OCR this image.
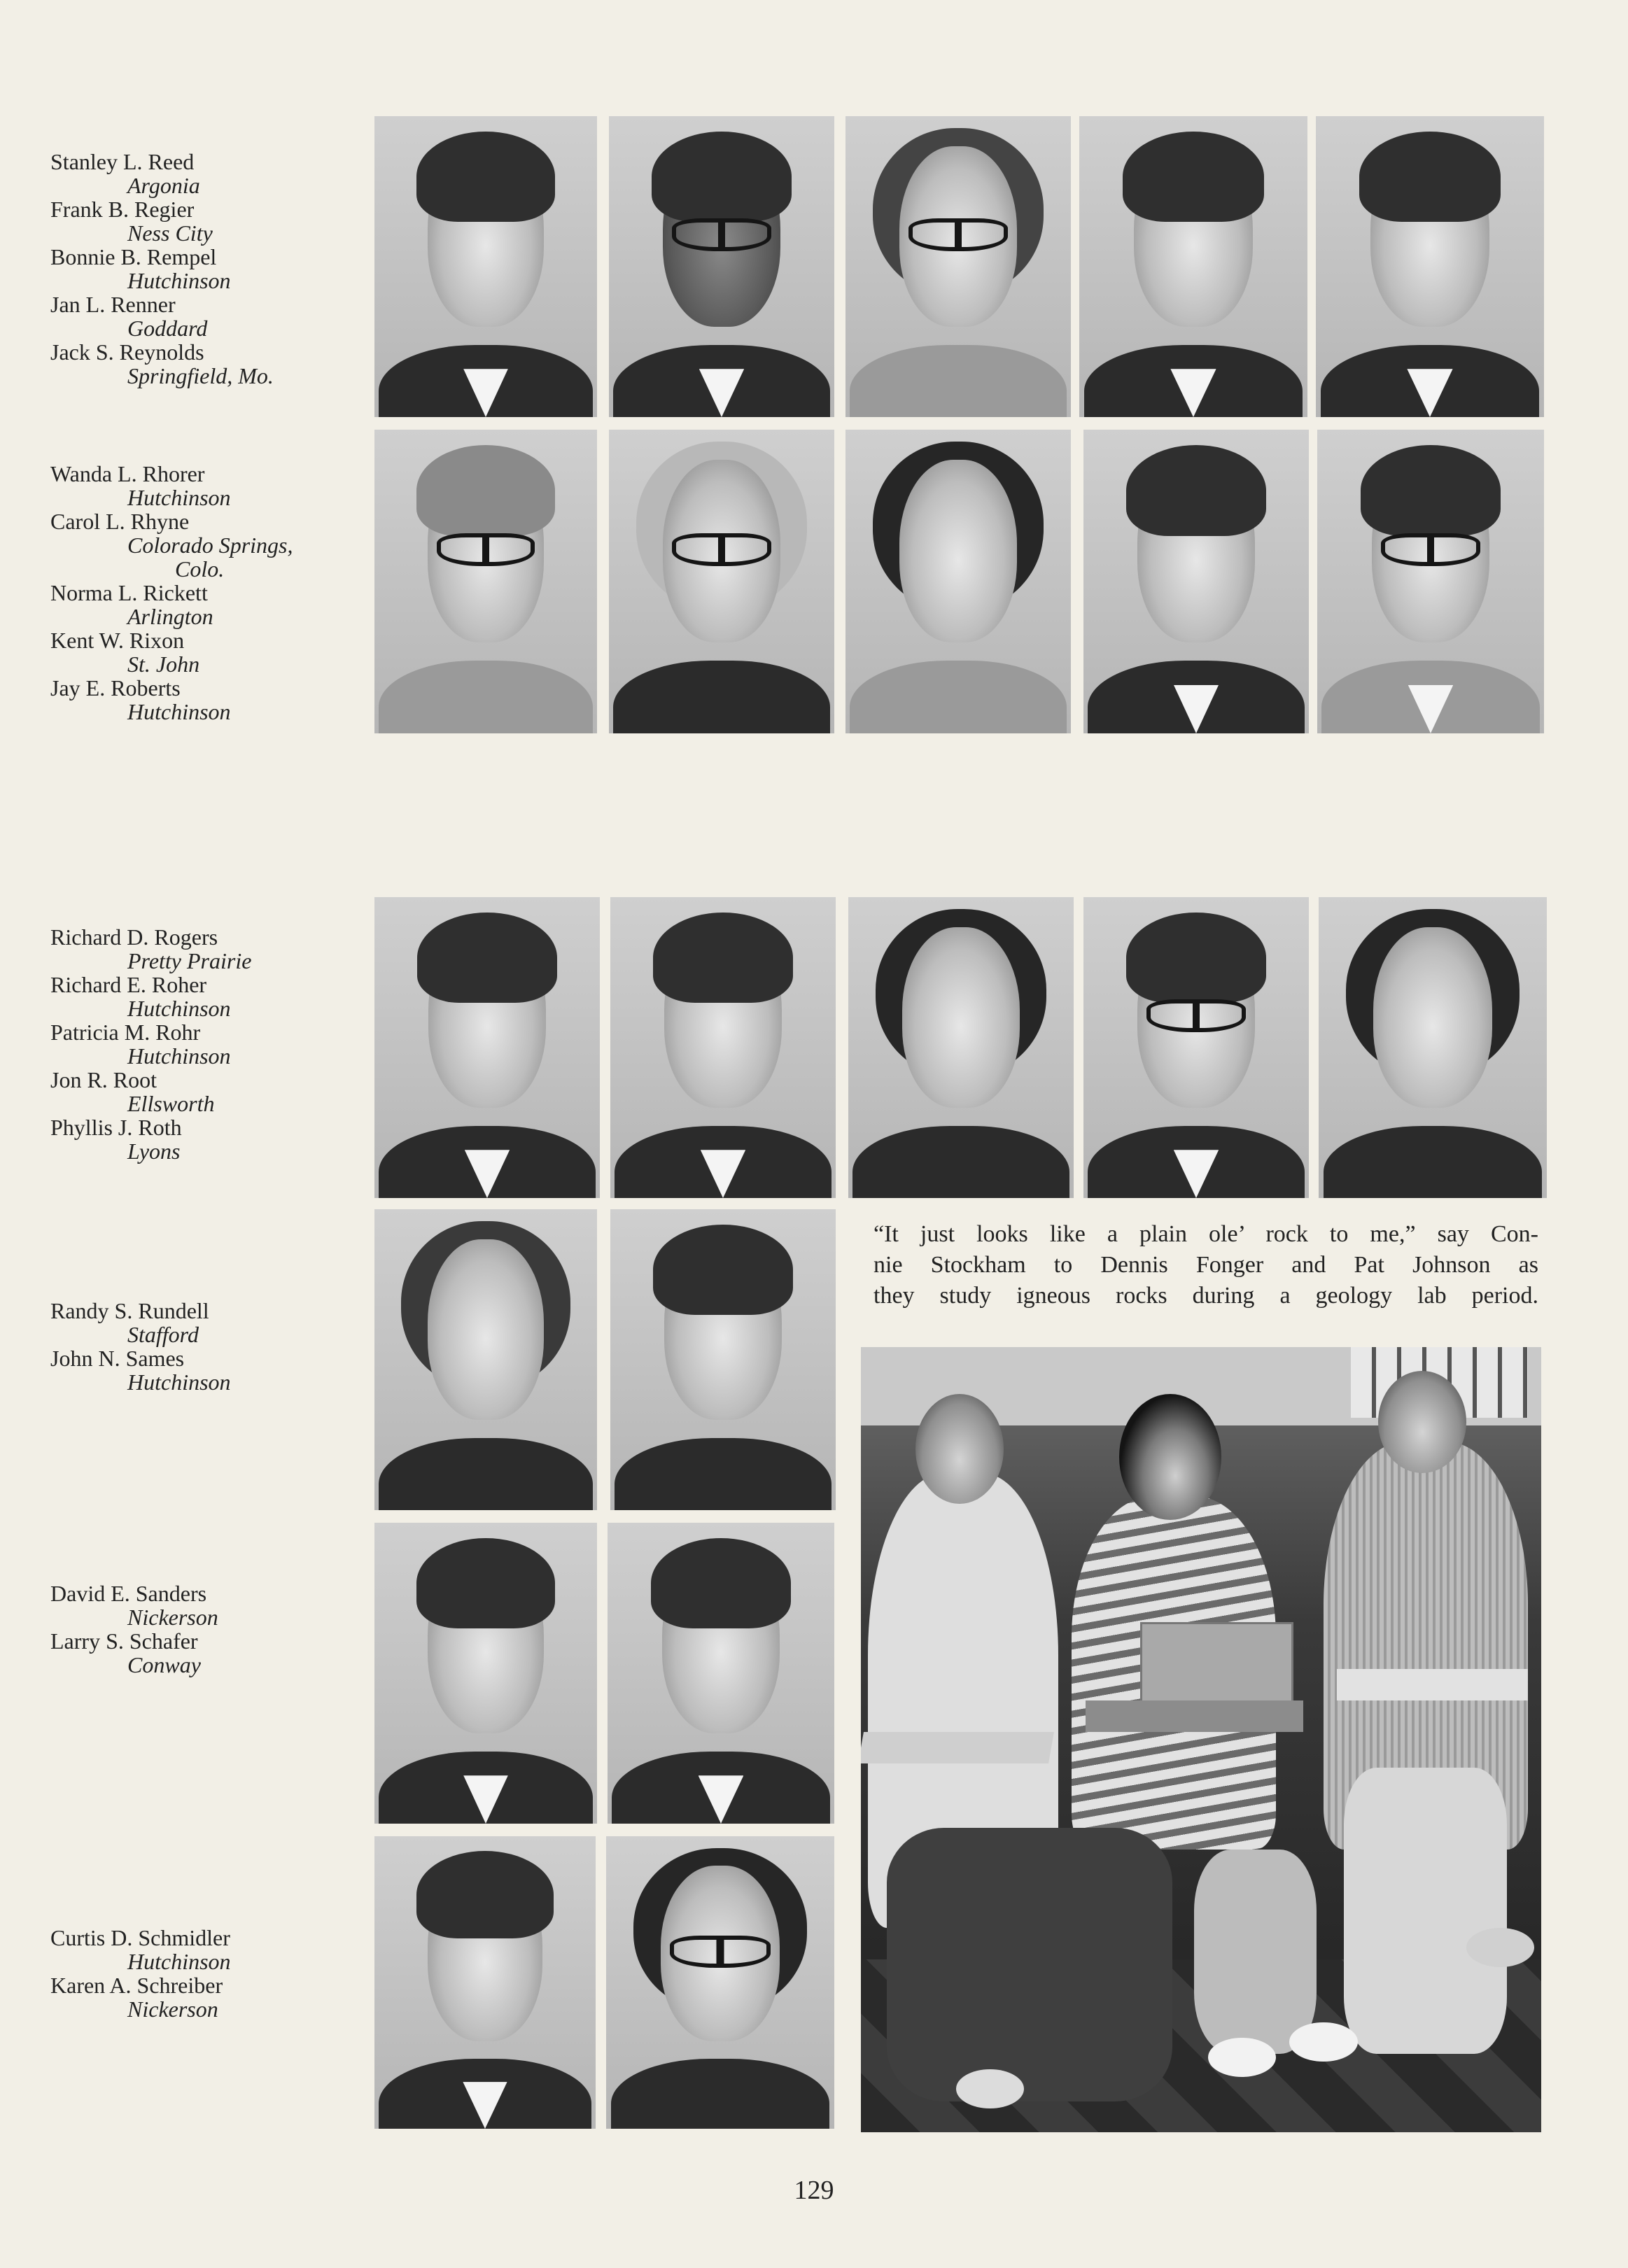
Stanley L. Reed
Argonia
Frank B. Regier
Ness City
Bonnie B. Rempel
Hutchinson
Jan L. Renner
Goddard
Jack S. Reynolds
Springfield, Mo.
Wanda L. Rhorer
Hutchinson
Carol L. Rhyne
Colorado Springs,
Colo.
Norma L. Rickett
Arlington
Kent W. Rixon
St. John
Jay E. Roberts
Hutchinson
Richard D. Rogers
Pretty Prairie
Richard E. Roher
Hutchinson
Patricia M. Rohr
Hutchinson
Jon R. Root
Ellsworth
Phyllis J. Roth
Lyons
Randy S. Rundell
Stafford
John N. Sames
Hutchinson
David E. Sanders
Nickerson
Larry S. Schafer
Conway
Curtis D. Schmidler
Hutchinson
Karen A. Schreiber
Nickerson
“It just looks like a plain ole’ rock to me,” say Con-
nie Stockham to Dennis Fonger and Pat Johnson as
they study igneous rocks during a geology lab period.
129
